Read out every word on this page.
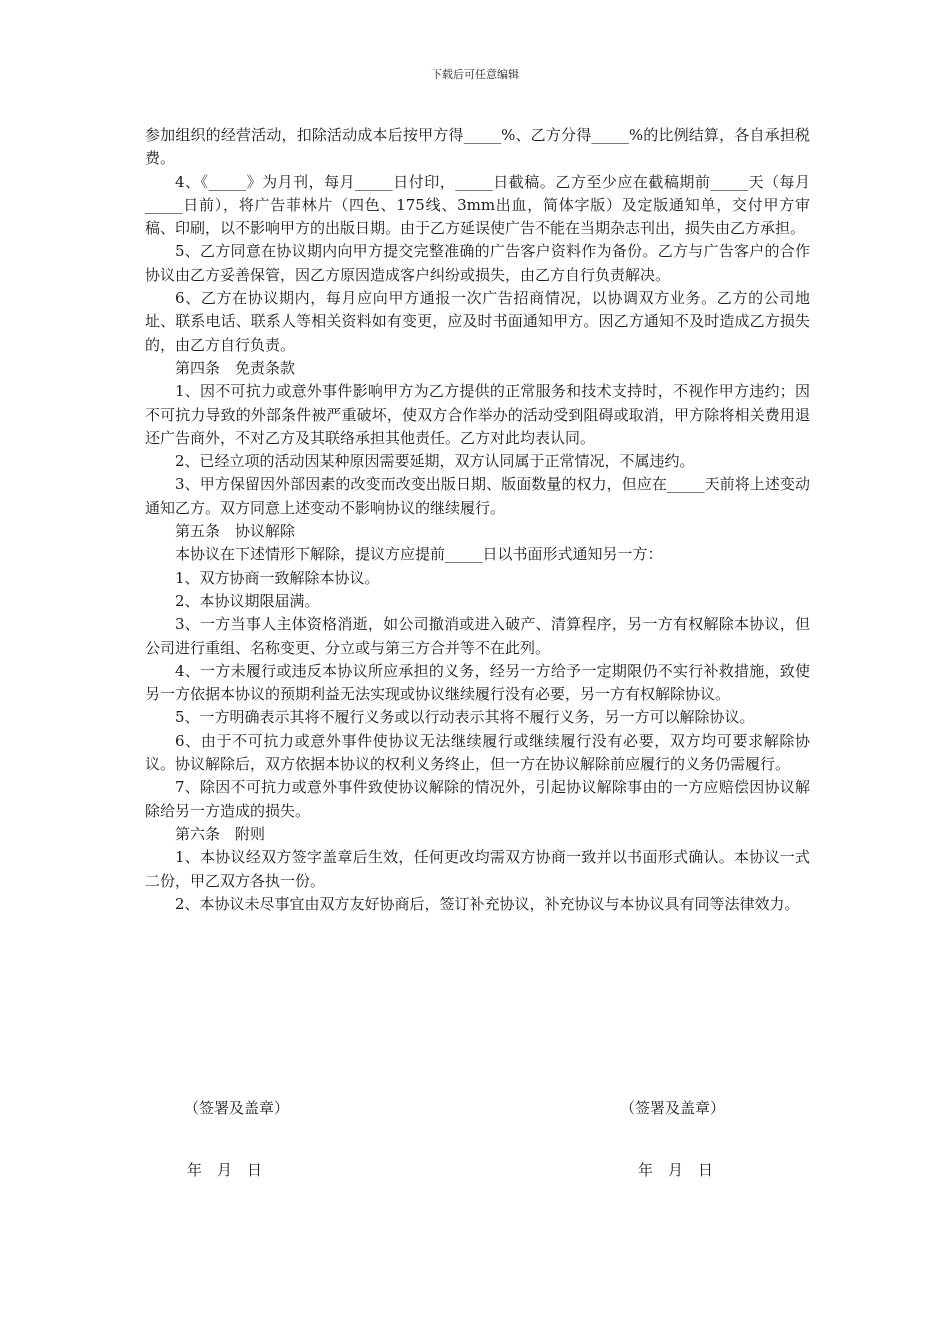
下载后可任意编辑

参加组织的经营活动，扣除活动成本后按甲方得_____%、乙方分得_____%的比例结算，各自承担税费。

4、《_____》为月刊，每月_____日付印，_____日截稿。乙方至少应在截稿期前_____天（每月_____日前），将广告菲林片（四色、175线、3mm出血，简体字版）及定版通知单，交付甲方审稿、印刷，以不影响甲方的出版日期。由于乙方延误使广告不能在当期杂志刊出，损失由乙方承担。

5、乙方同意在协议期内向甲方提交完整准确的广告客户资料作为备份。乙方与广告客户的合作协议由乙方妥善保管，因乙方原因造成客户纠纷或损失，由乙方自行负责解决。

6、乙方在协议期内，每月应向甲方通报一次广告招商情况，以协调双方业务。乙方的公司地址、联系电话、联系人等相关资料如有变更，应及时书面通知甲方。因乙方通知不及时造成乙方损失的，由乙方自行负责。

第四条　免责条款

1、因不可抗力或意外事件影响甲方为乙方提供的正常服务和技术支持时，不视作甲方违约；因不可抗力导致的外部条件被严重破坏，使双方合作举办的活动受到阻碍或取消，甲方除将相关费用退还广告商外，不对乙方及其联络承担其他责任。乙方对此均表认同。

2、已经立项的活动因某种原因需要延期，双方认同属于正常情况，不属违约。

3、甲方保留因外部因素的改变而改变出版日期、版面数量的权力，但应在_____天前将上述变动通知乙方。双方同意上述变动不影响协议的继续履行。

第五条　协议解除

本协议在下述情形下解除，提议方应提前_____日以书面形式通知另一方：

1、双方协商一致解除本协议。

2、本协议期限届满。

3、一方当事人主体资格消逝，如公司撤消或进入破产、清算程序，另一方有权解除本协议，但公司进行重组、名称变更、分立或与第三方合并等不在此列。

4、一方未履行或违反本协议所应承担的义务，经另一方给予一定期限仍不实行补救措施，致使另一方依据本协议的预期利益无法实现或协议继续履行没有必要，另一方有权解除协议。

5、一方明确表示其将不履行义务或以行动表示其将不履行义务，另一方可以解除协议。

6、由于不可抗力或意外事件使协议无法继续履行或继续履行没有必要，双方均可要求解除协议。协议解除后，双方依据本协议的权利义务终止，但一方在协议解除前应履行的义务仍需履行。

7、除因不可抗力或意外事件致使协议解除的情况外，引起协议解除事由的一方应赔偿因协议解除给另一方造成的损失。

第六条　附则

1、本协议经双方签字盖章后生效，任何更改均需双方协商一致并以书面形式确认。本协议一式二份，甲乙双方各执一份。

2、本协议未尽事宜由双方友好协商后，签订补充协议，补充协议与本协议具有同等法律效力。

（签署及盖章）	（签署及盖章）
年　月　日	年　月　日
